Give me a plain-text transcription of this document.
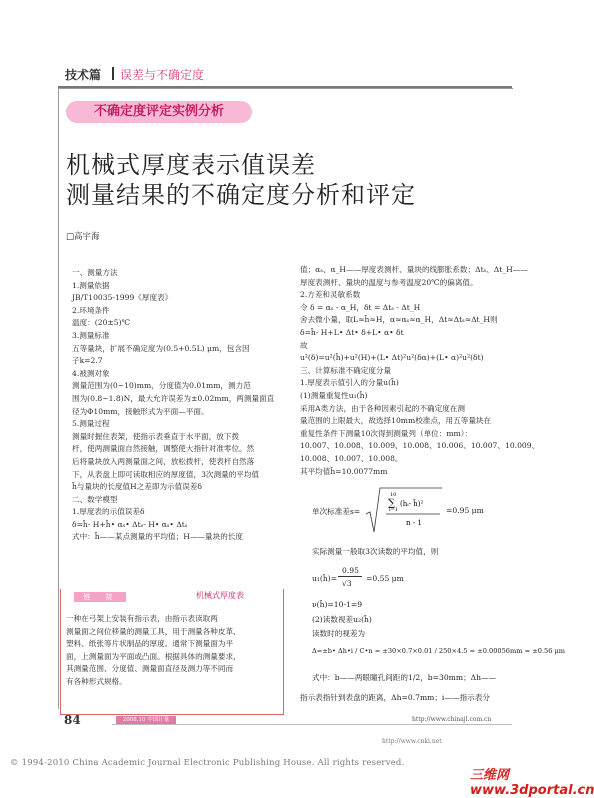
技术篇 误差与不确定度
不确定度评定实例分析
机械式厚度表示值误差
测量结果的不确定度分析和评定
□高宇海
一、测量方法
1.测量依据
JB/T10035-1999《厚度表》
2.环境条件
温度：(20±5)℃
3.测量标准
五等量块，扩展不确定度为(0.5+0.5L) μm，包含因
子k=2.7
4.被测对象
测量范围为(0~10)mm，分度值为0.01mm，测力范
围为(0.8~1.8)N，最大允许误差为±0.02mm，两测量面直
径为Φ10mm，接触形式为平面—平面。
5.测量过程
测量时握住表架，使指示表垂直于水平面，放下拨
杆，使两测量面自然接触，调整使大指针对准零位。然
后将量块放入两测量面之间，放松拨杆，使表杆自然落
下，从表盘上即可读取相应的厚度值，3次测量的平均值
h̄与量块的长度值H之差即为示值误差δ
二、数学模型
1.厚度表的示值误差δ
δ=h̄- H+h̄• αₛ• Δtₛ- H• αₛ• Δtₛ
式中：h̄——某点测量的平均值；H——量块的长度
链　接	机械式厚度表
一种在弓架上安装有指示表，由指示表读取两
测量面之间位移量的测量工具，用于测量各种皮革、
塑料、纸张等片状制品的厚度。通常下测量面为平
面，上测量面为平面或凸面。根据具体的测量要求，
其测量范围、分度值、测量面直径及测力等不同而
有各种形式规格。
值；αₛ、α_H——厚度表测杆、量块的线膨胀系数；Δtₛ、Δt_H——
厚度表测杆、量块的温度与参考温度20℃的偏离值。
2.方差和灵敏系数
令 δ = αₛ - α_H，δt = Δtₛ - Δt_H
舍去微小量，取L≈h̄≈H，α≈αₛ≈α_H，Δt≈Δtₛ≈Δt_H则
δ=h̄- H+L• Δt• δ+L• α• δt
故
u²(δ)=u²(h̄)+u²(H)+(L• Δt)²u²(δα)+(L• α)²u²(δt)
三、计算标准不确定度分量
1.厚度表示值引入的分量u(h̄)
(1)测量重复性u₁(h̄)
采用A类方法，由于各种因素引起的不确定度在测
量范围的上限最大，故选择10mm校准点，用五等量块在
重复性条件下测量10次得到测量列（单位：mm）：
10.007、10.008、10.009、10.008、10.006、10.007、10.009、
10.008、10.007、10.008。
其平均值h̄=10.0077mm
单次标准差s=
10
∑ (hᵢ- h̄)²
i=1
n - 1
=0.95 μm
实际测量一般取3次读数的平均值，则
u₁(h̄)=
0.95
√3
=0.55 μm
ν(h̄)=10-1=9
(2)读数视差u₂(h̄)
读数时的视差为
Δ=±b• Δh•i / C•n = ±30×0.7×0.01 / 250×4.5 = ±0.00056mm = ±0.56 μm
式中：b——两眼瞳孔间距的1/2，b=30mm；Δh——
指示表指针到表盘的距离，Δh=0.7mm；i——指示表分
84	2008.10 中国计量	http://www.chinajl.com.cn
http://www.cnki.net
© 1994-2010 China Academic Journal Electronic Publishing House. All rights reserved.
三维网www.3dportal.cn
